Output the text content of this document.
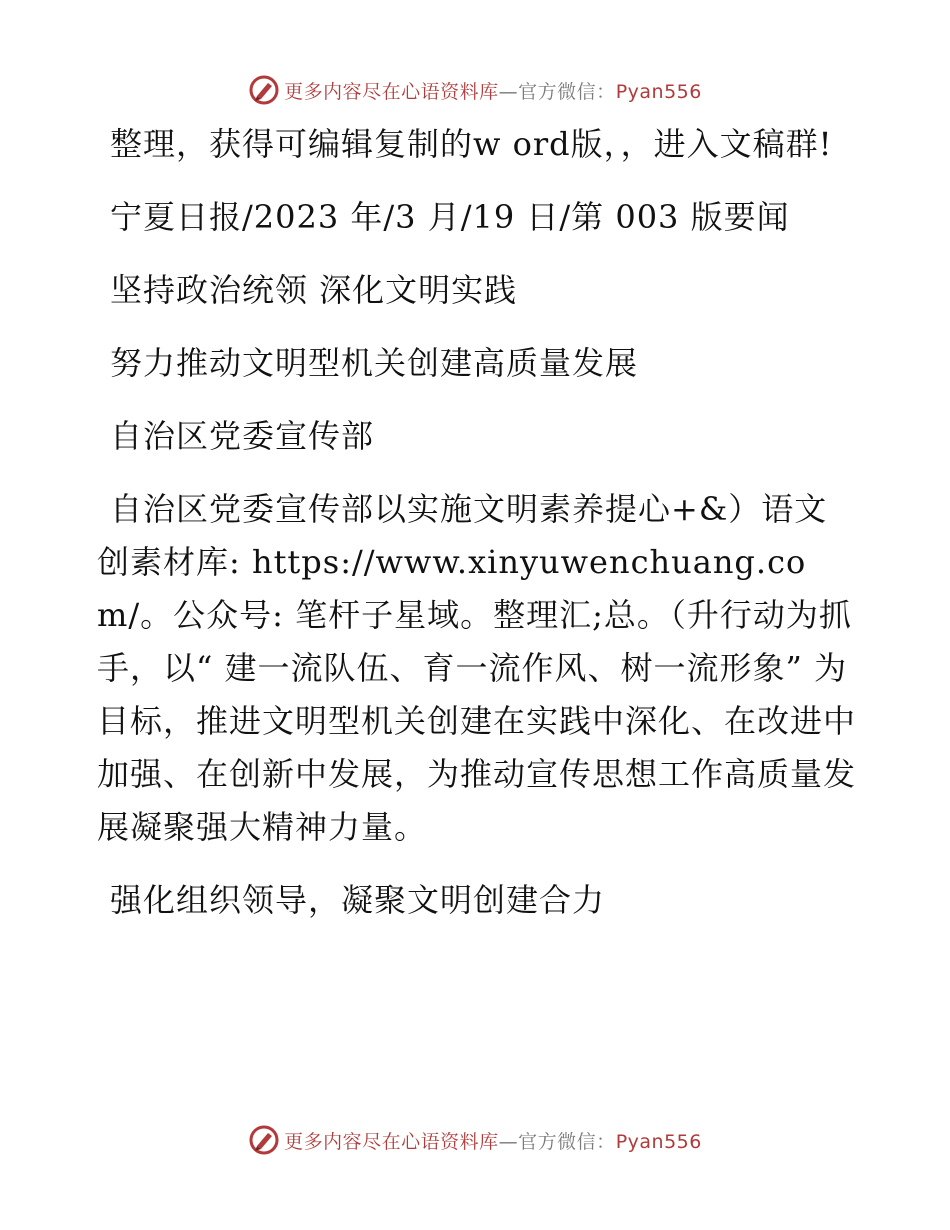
更多内容尽在心语资料库—官方微信：Pyan556

整理，获得可编辑复制的w ord版，，进入文稿群!

宁夏日报/2023 年/3 月/19 日/第 003 版要闻

坚持政治统领 深化文明实践

努力推动文明型机关创建高质量发展

自治区党委宣传部

自治区党委宣传部以实施文明素养提心+&）语文创素材库: https://www.xinyuwenchuang.com/。公众号: 笔杆子星域。整理汇;总。（升行动为抓手，以“ 建一流队伍、育一流作风、树一流形象” 为目标，推进文明型机关创建在实践中深化、在改进中加强、在创新中发展，为推动宣传思想工作高质量发展凝聚强大精神力量。

强化组织领导，凝聚文明创建合力

更多内容尽在心语资料库—官方微信：Pyan556
